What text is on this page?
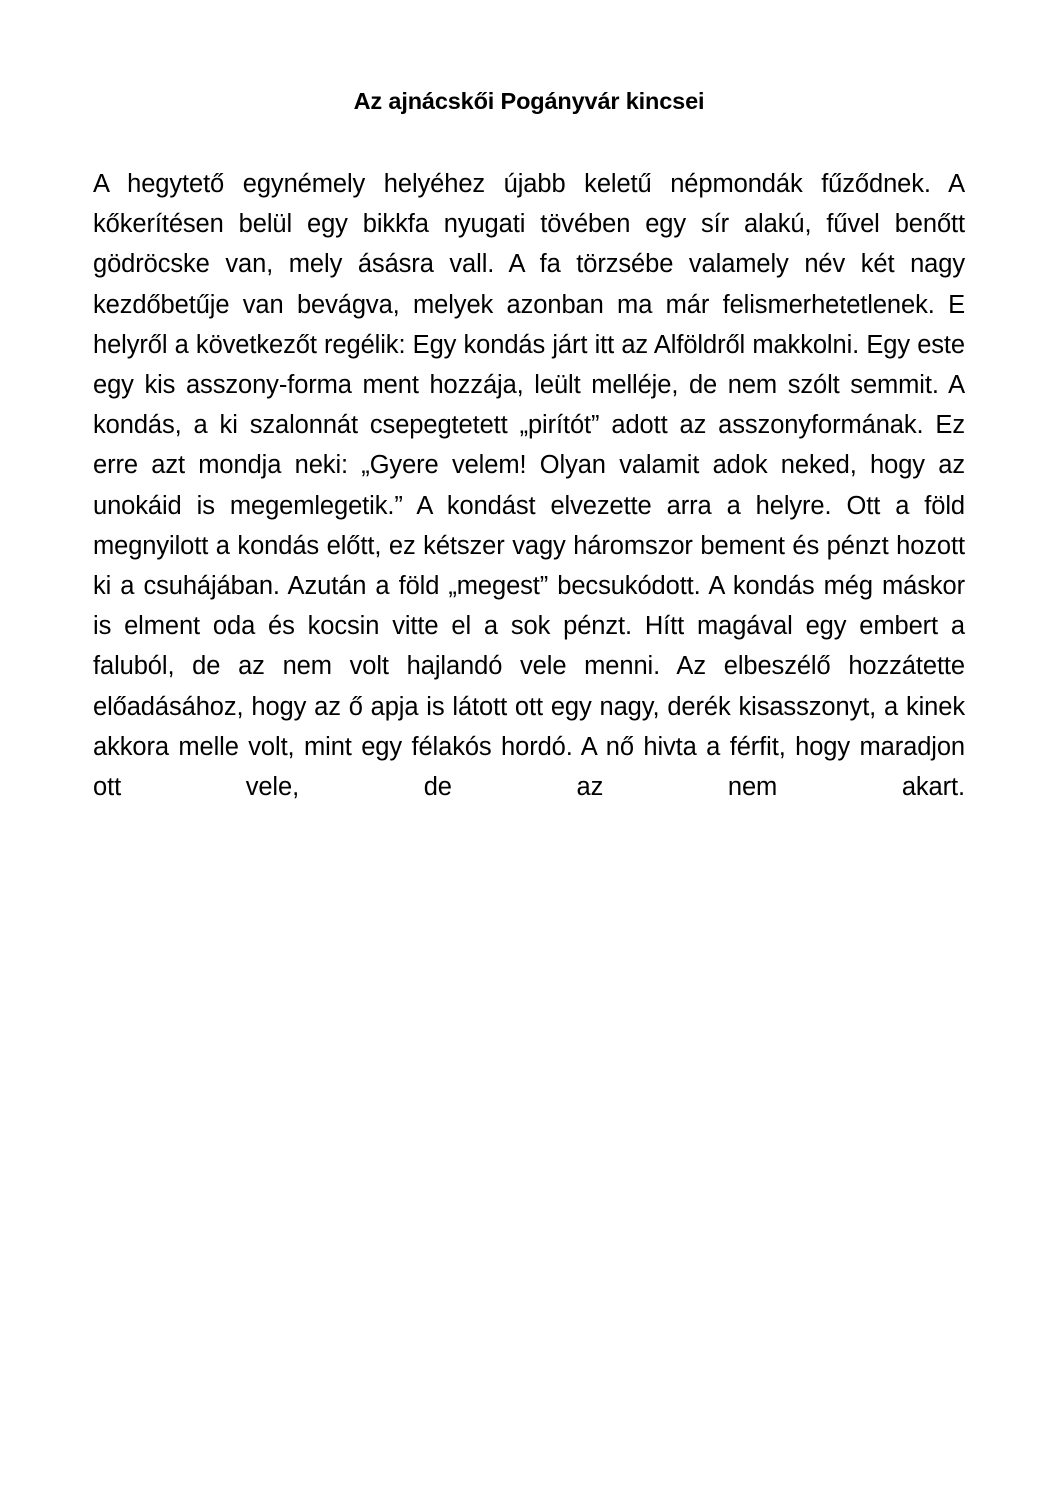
Az ajnácskői Pogányvár kincsei

A hegytető egynémely helyéhez újabb keletű népmondák fűződnek. A kőkerítésen belül egy bikkfa nyugati tövében egy sír alakú, fűvel benőtt gödröcske van, mely ásásra vall. A fa törzsébe valamely név két nagy kezdőbetűje van bevágva, melyek azonban ma már felismerhetetlenek. E helyről a következőt regélik: Egy kondás járt itt az Alföldről makkolni. Egy este egy kis asszony-forma ment hozzája, leült melléje, de nem szólt semmit. A kondás, a ki szalonnát csepegtetett „pirítót” adott az asszonyformának. Ez erre azt mondja neki: „Gyere velem! Olyan valamit adok neked, hogy az unokáid is megemlegetik.” A kondást elvezette arra a helyre. Ott a föld megnyilott a kondás előtt, ez kétszer vagy háromszor bement és pénzt hozott ki a csuhájában. Azután a föld „megest” becsukódott. A kondás még máskor is elment oda és kocsin vitte el a sok pénzt. Hítt magával egy embert a faluból, de az nem volt hajlandó vele menni. Az elbeszélő hozzátette előadásához, hogy az ő apja is látott ott egy nagy, derék kisasszonyt, a kinek akkora melle volt, mint egy félakós hordó. A nő hivta a férfit, hogy maradjon ott vele, de az nem akart.
